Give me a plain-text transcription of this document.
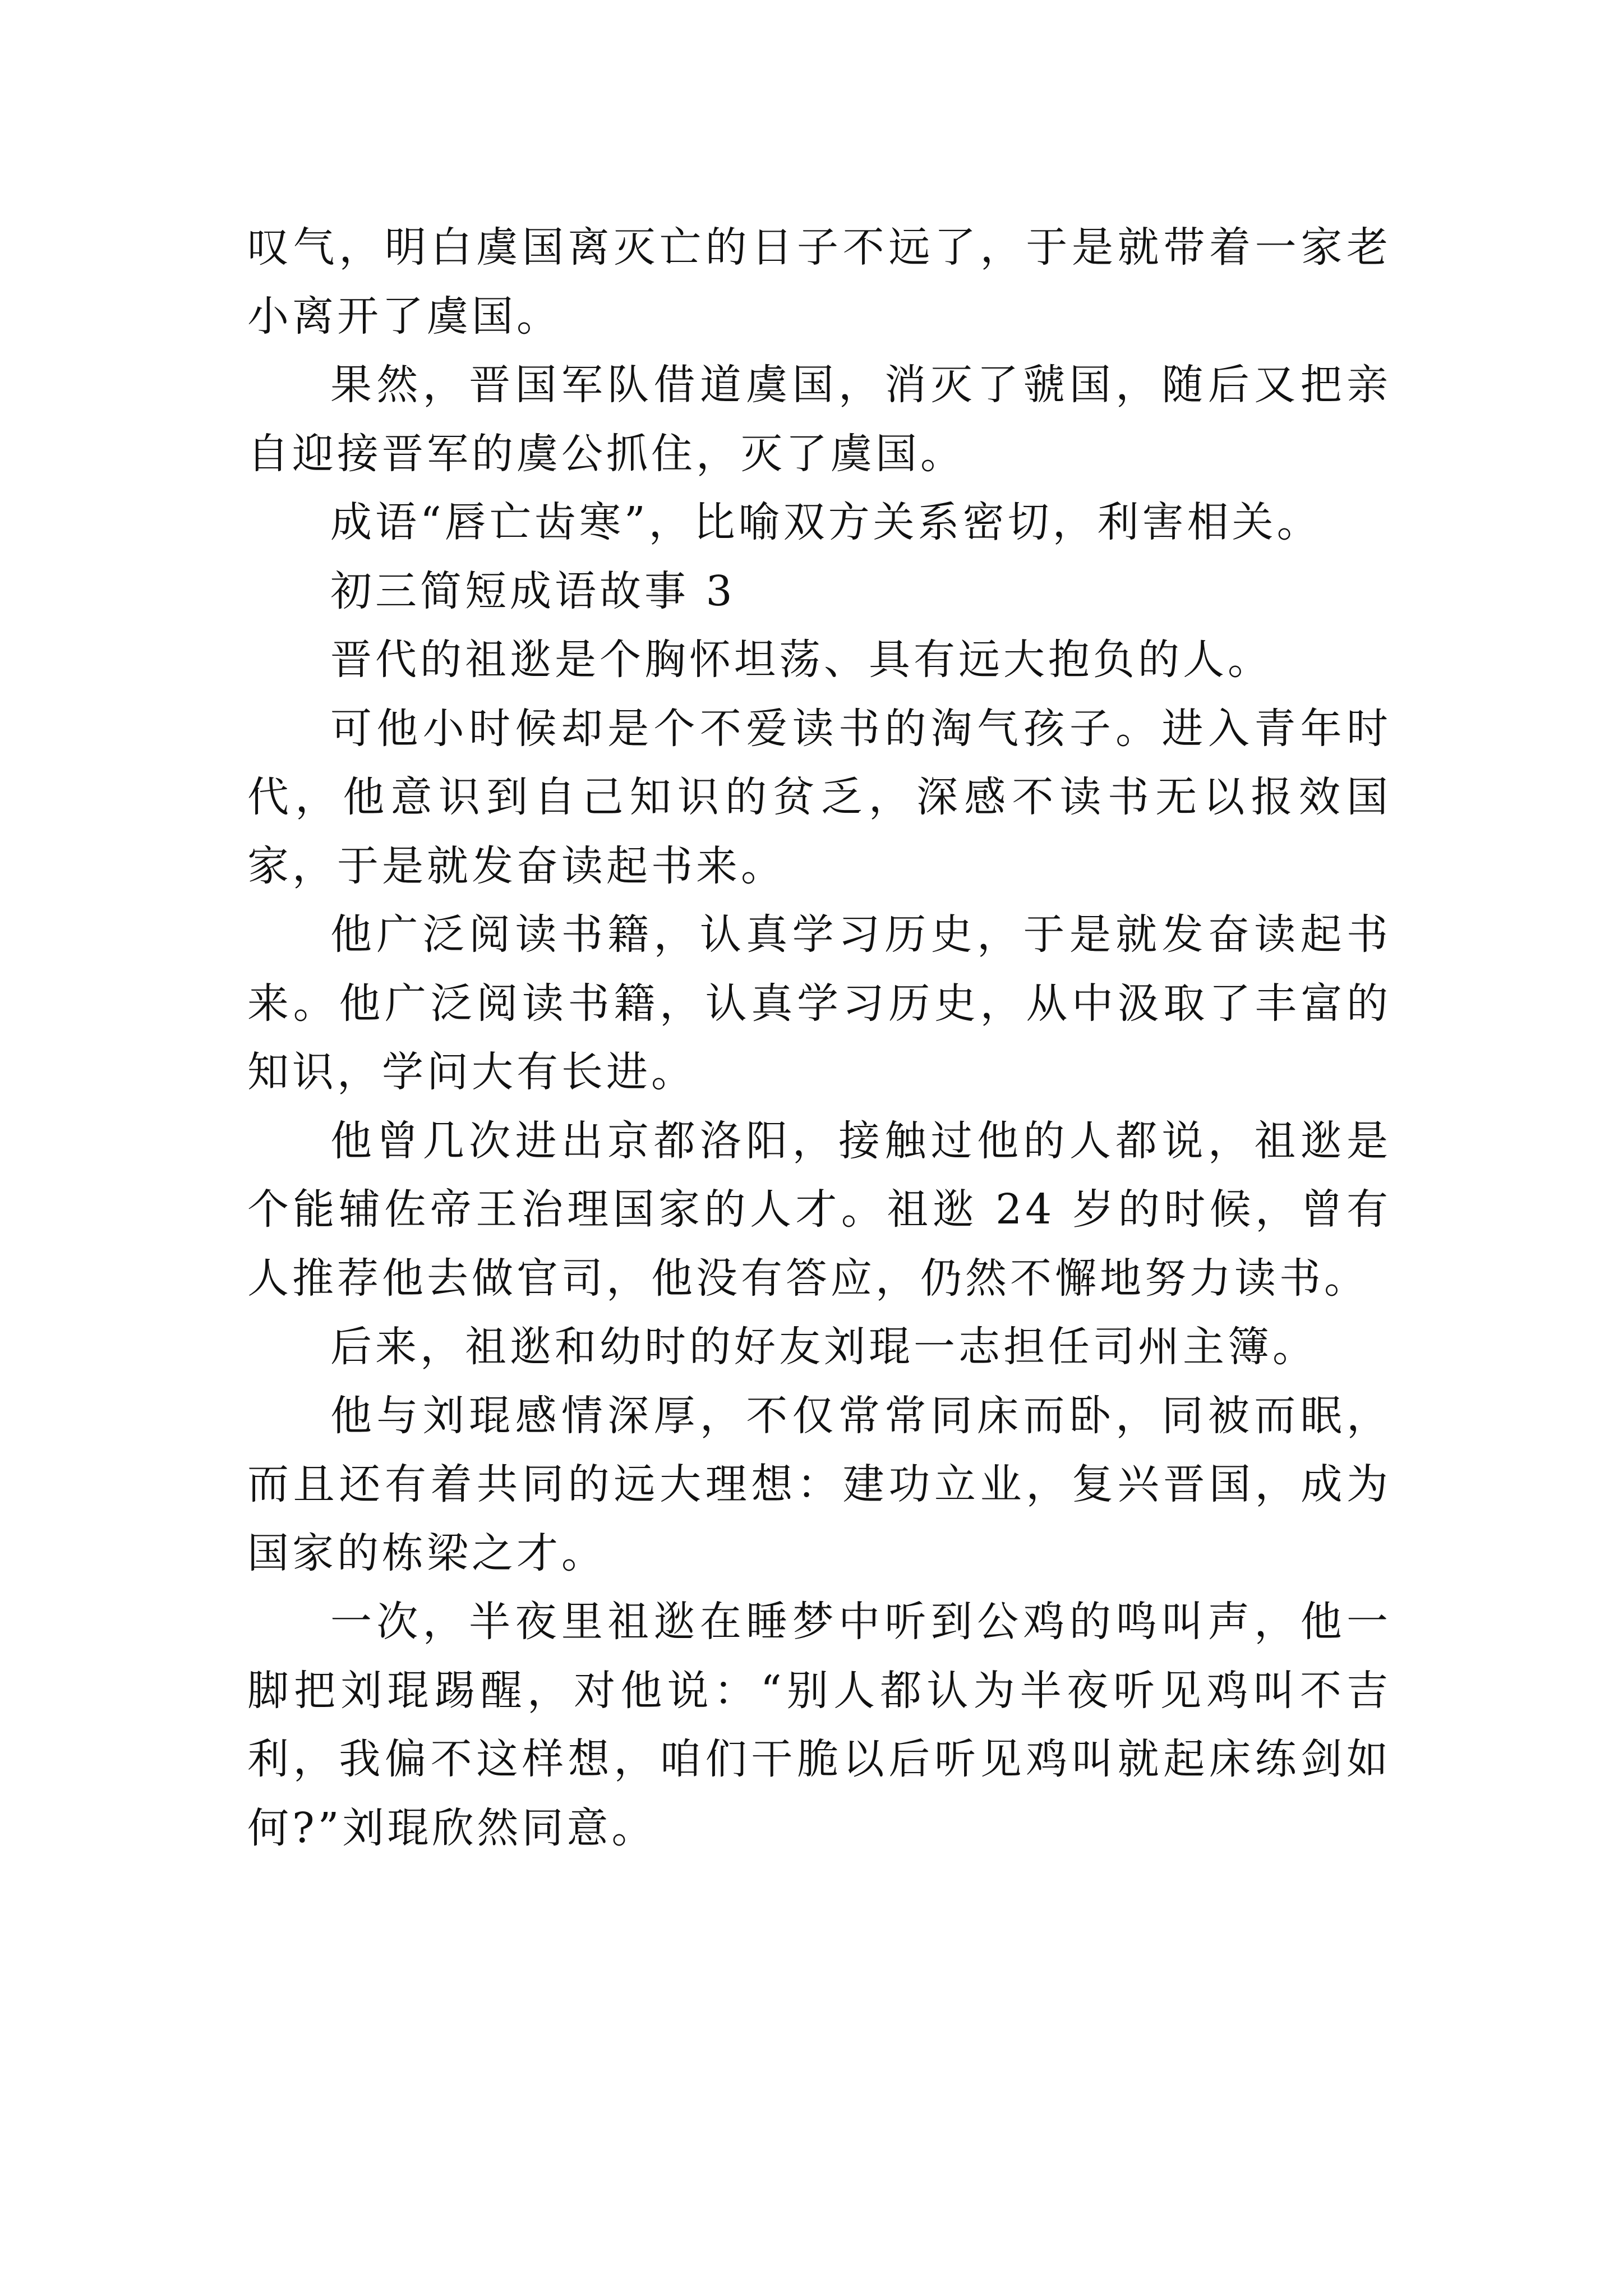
叹气，明白虞国离灭亡的日子不远了，于是就带着一家老小离开了虞国。

果然，晋国军队借道虞国，消灭了虢国，随后又把亲自迎接晋军的虞公抓住，灭了虞国。

成语“唇亡齿寒”，比喻双方关系密切，利害相关。

初三简短成语故事 3

晋代的祖逖是个胸怀坦荡、具有远大抱负的人。

可他小时候却是个不爱读书的淘气孩子。进入青年时代，他意识到自己知识的贫乏，深感不读书无以报效国家，于是就发奋读起书来。

他广泛阅读书籍，认真学习历史，于是就发奋读起书来。他广泛阅读书籍，认真学习历史，从中汲取了丰富的知识，学问大有长进。

他曾几次进出京都洛阳，接触过他的人都说，祖逖是个能辅佐帝王治理国家的人才。祖逖 24 岁的时候，曾有人推荐他去做官司，他没有答应，仍然不懈地努力读书。

后来，祖逖和幼时的好友刘琨一志担任司州主簿。

他与刘琨感情深厚，不仅常常同床而卧，同被而眠，而且还有着共同的远大理想：建功立业，复兴晋国，成为国家的栋梁之才。

一次，半夜里祖逖在睡梦中听到公鸡的鸣叫声，他一脚把刘琨踢醒，对他说：“别人都认为半夜听见鸡叫不吉利，我偏不这样想，咱们干脆以后听见鸡叫就起床练剑如何?”刘琨欣然同意。
